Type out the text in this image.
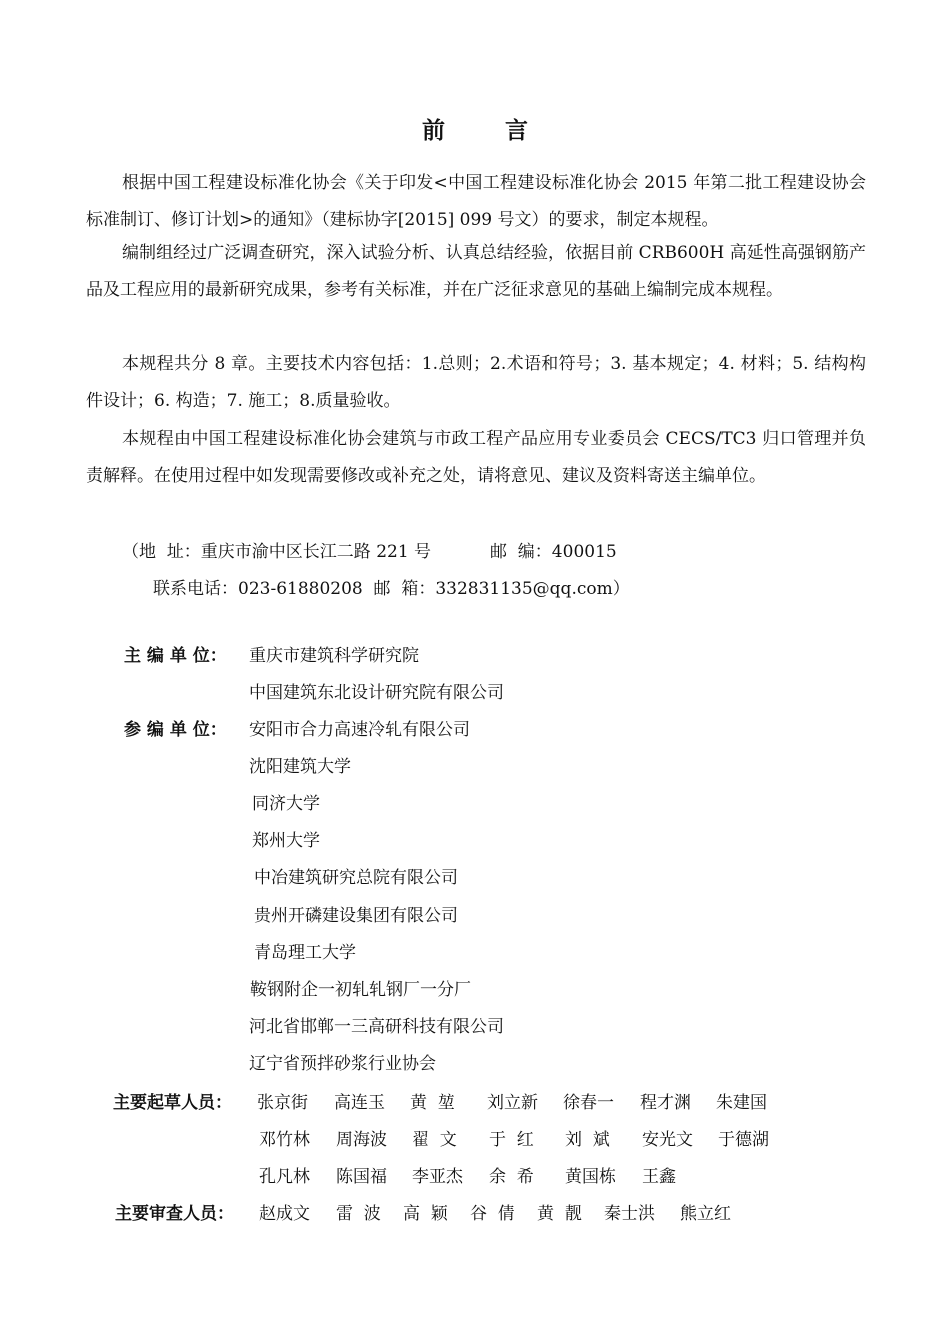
前 言
根据中国工程建设标准化协会《关于印发<中国工程建设标准化协会 2015 年第二批工程建设协会标准制订、修订计划>的通知》（建标协字[2015] 099 号文）的要求，制定本规程。
编制组经过广泛调查研究，深入试验分析、认真总结经验，依据目前 CRB600H 高延性高强钢筋产品及工程应用的最新研究成果，参考有关标准，并在广泛征求意见的基础上编制完成本规程。
本规程共分 8 章。主要技术内容包括：1.总则；2.术语和符号；3. 基本规定；4. 材料；5. 结构构件设计；6. 构造；7. 施工；8.质量验收。
本规程由中国工程建设标准化协会建筑与市政工程产品应用专业委员会 CECS/TC3 归口管理并负责解释。在使用过程中如发现需要修改或补充之处，请将意见、建议及资料寄送主编单位。
（地  址：重庆市渝中区长江二路 221 号	邮  编：400015
联系电话：023-61880208  邮  箱：332831135@qq.com）
主 编 单 位： 重庆市建筑科学研究院
中国建筑东北设计研究院有限公司
参 编 单 位： 安阳市合力高速冷轧有限公司
沈阳建筑大学
同济大学
郑州大学
中冶建筑研究总院有限公司
贵州开磷建设集团有限公司
青岛理工大学
鞍钢附企一初轧轧钢厂一分厂
河北省邯郸一三高研科技有限公司
辽宁省预拌砂浆行业协会
主要起草人员： 张京街 高连玉 黄  堃 刘立新 徐春一 程才渊 朱建国
邓竹林 周海波 翟  文 于  红 刘  斌 安光文 于德湖
孔凡林 陈国福 李亚杰 余  希 黄国栋 王鑫
主要审查人员： 赵成文 雷  波 高  颖 谷  倩 黄  靓 秦士洪 熊立红
